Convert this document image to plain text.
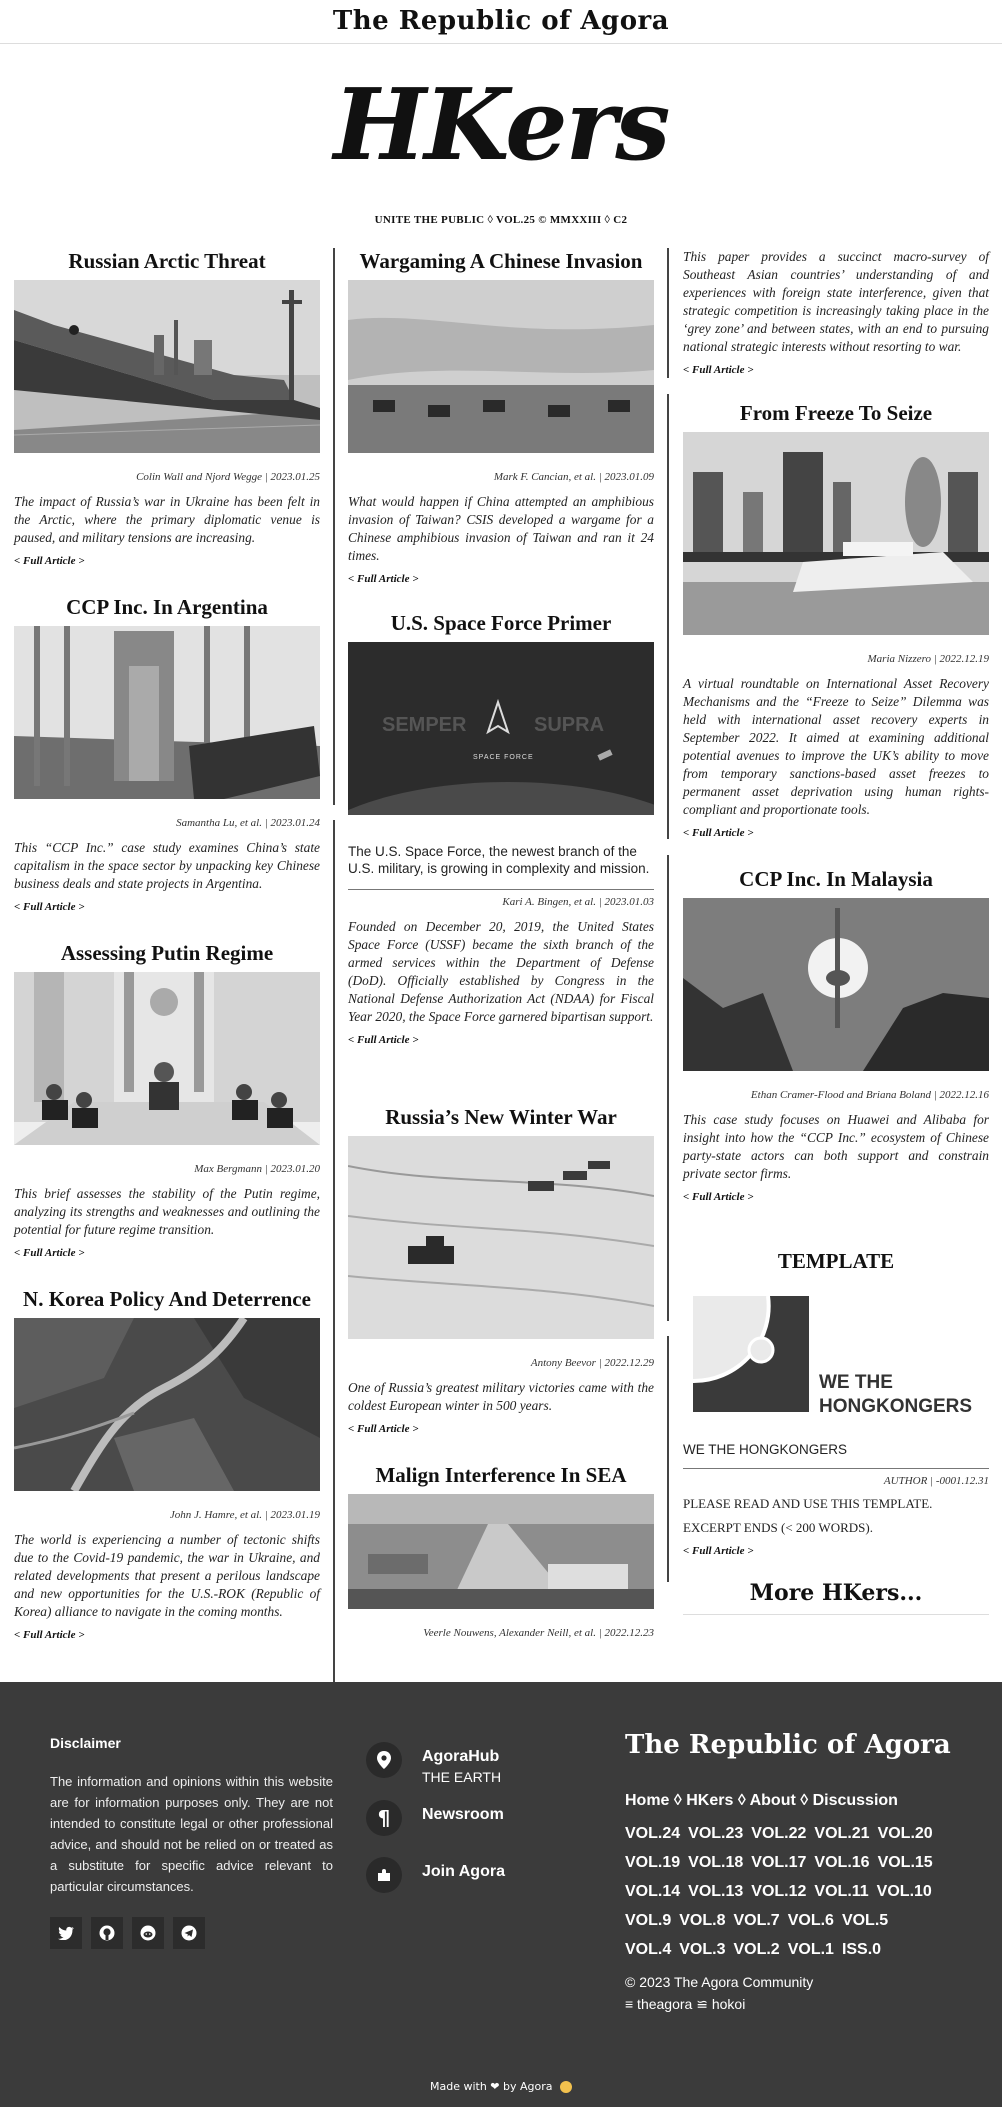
The Republic of Agora
HKers
UNITE THE PUBLIC ◊ VOL.25 © MMXXIII ◊ C2
Russian Arctic Threat
Colin Wall and Njord Wegge | 2023.01.25
The impact of Russia’s war in Ukraine has been felt in the Arctic, where the primary diplomatic venue is paused, and military tensions are increasing.
< Full Article >
CCP Inc. In Argentina
Samantha Lu, et al. | 2023.01.24
This “CCP Inc.” case study examines China’s state capitalism in the space sector by unpacking key Chinese business deals and state projects in Argentina.
< Full Article >
Assessing Putin Regime
Max Bergmann | 2023.01.20
This brief assesses the stability of the Putin regime, analyzing its strengths and weaknesses and outlining the potential for future regime transition.
< Full Article >
N. Korea Policy And Deterrence
John J. Hamre, et al. | 2023.01.19
The world is experiencing a number of tectonic shifts due to the Covid-19 pandemic, the war in Ukraine, and related developments that present a perilous landscape and new opportunities for the U.S.-ROK (Republic of Korea) alliance to navigate in the coming months.
< Full Article >
Wargaming A Chinese Invasion
Mark F. Cancian, et al. | 2023.01.09
What would happen if China attempted an amphibious invasion of Taiwan? CSIS developed a wargame for a Chinese amphibious invasion of Taiwan and ran it 24 times.
< Full Article >
U.S. Space Force Primer
SEMPER	SUPRA
SPACE FORCE
The U.S. Space Force, the newest branch of the U.S. military, is growing in complexity and mission.
Kari A. Bingen, et al. | 2023.01.03
Founded on December 20, 2019, the United States Space Force (USSF) became the sixth branch of the armed services within the Department of Defense (DoD). Officially established by Congress in the National Defense Authorization Act (NDAA) for Fiscal Year 2020, the Space Force garnered bipartisan support.
< Full Article >
Russia’s New Winter War
Antony Beevor | 2022.12.29
One of Russia’s greatest military victories came with the coldest European winter in 500 years.
< Full Article >
Malign Interference In SEA
Veerle Nouwens, Alexander Neill, et al. | 2022.12.23
This paper provides a succinct macro-survey of Southeast Asian countries’ understanding of and experiences with foreign state interference, given that strategic competition is increasingly taking place in the ‘grey zone’ and between states, with an end to pursuing national strategic interests without resorting to war.
< Full Article >
From Freeze To Seize
Maria Nizzero | 2022.12.19
A virtual roundtable on International Asset Recovery Mechanisms and the “Freeze to Seize” Dilemma was held with international asset recovery experts in September 2022. It aimed at examining additional potential avenues to improve the UK’s ability to move from temporary sanctions-based asset freezes to permanent asset deprivation using human rights-compliant and proportionate tools.
< Full Article >
CCP Inc. In Malaysia
Ethan Cramer-Flood and Briana Boland | 2022.12.16
This case study focuses on Huawei and Alibaba for insight into how the “CCP Inc.” ecosystem of Chinese party-state actors can both support and constrain private sector firms.
< Full Article >
TEMPLATE
WE THE
HONGKONGERS
WE THE HONGKONGERS
AUTHOR | -0001.12.31
PLEASE READ AND USE THIS TEMPLATE.
EXCERPT ENDS (< 200 WORDS).
< Full Article >
More HKers...
Disclaimer
The information and opinions within this website are for information purposes only. They are not intended to constitute legal or other professional advice, and should not be relied on or treated as a substitute for specific advice relevant to particular circumstances.
AgoraHub
THE EARTH
¶ Newsroom
Join Agora
The Republic of Agora
Home ◊ HKers ◊ About ◊ Discussion
VOL.24 VOL.23 VOL.22 VOL.21 VOL.20 VOL.19 VOL.18 VOL.17 VOL.16 VOL.15 VOL.14 VOL.13 VOL.12 VOL.11 VOL.10 VOL.9 VOL.8 VOL.7 VOL.6 VOL.5 VOL.4 VOL.3 VOL.2 VOL.1 ISS.0
© 2023 The Agora Community
≡ theagora ≌ hokoi
Made with ❤ by Agora
